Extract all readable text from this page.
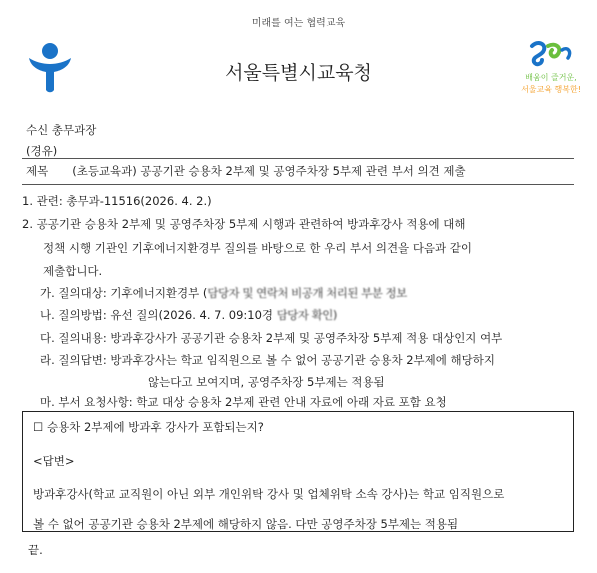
미래를 여는 협력교육
서울특별시교육청	배움이 즐거운,
서울교육 행복한!
수신 총무과장
(경유)
제목 (초등교육과) 공공기관 승용차 2부제 및 공영주차장 5부제 관련 부서 의견 제출
1. 관련: 총무과-11516(2026. 4. 2.)
2. 공공기관 승용차 2부제 및 공영주차장 5부제 시행과 관련하여 방과후강사 적용에 대해
정책 시행 기관인 기후에너지환경부 질의를 바탕으로 한 우리 부서 의견을 다음과 같이
제출합니다.
가. 질의대상: 기후에너지환경부 (담당자 및 연락처 비공개 처리된 부분 정보
나. 질의방법: 유선 질의(2026. 4. 7. 09:10경 담당자 확인)
다. 질의내용: 방과후강사가 공공기관 승용차 2부제 및 공영주차장 5부제 적용 대상인지 여부
라. 질의답변: 방과후강사는 학교 임직원으로 볼 수 없어 공공기관 승용차 2부제에 해당하지
않는다고 보여지며, 공영주차장 5부제는 적용됨
마. 부서 요청사항: 학교 대상 승용차 2부제 관련 안내 자료에 아래 자료 포함 요청
☐ 승용차 2부제에 방과후 강사가 포함되는지?
<답변>
방과후강사(학교 교직원이 아닌 외부 개인위탁 강사 및 업체위탁 소속 강사)는 학교 임직원으로
볼 수 없어 공공기관 승용차 2부제에 해당하지 않음. 다만 공영주차장 5부제는 적용됨
끝.
